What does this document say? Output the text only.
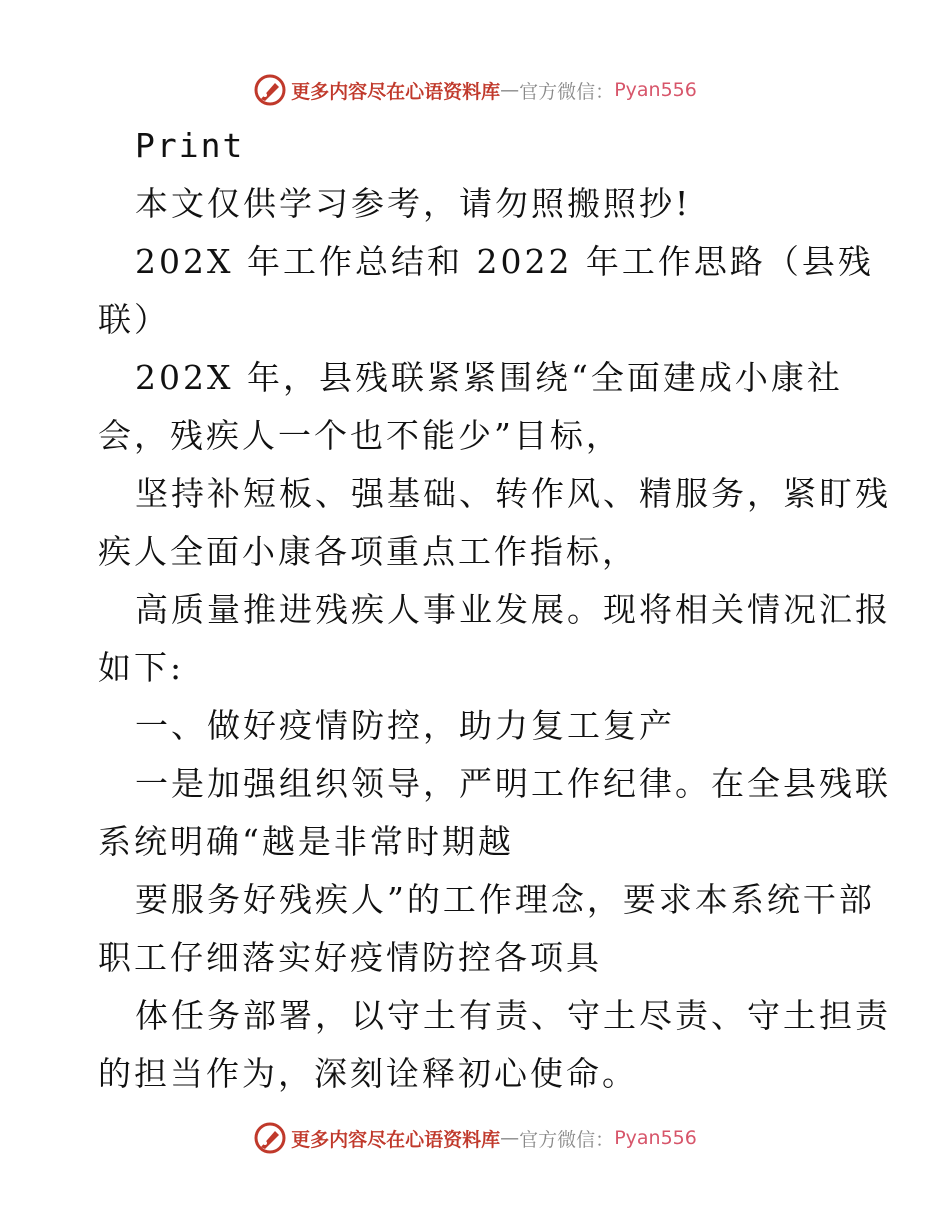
更多内容尽在心语资料库 — 官方微信： Pyan556

Print

本文仅供学习参考，请勿照搬照抄!

202X 年工作总结和 2022 年工作思路（县残

联）

202X 年，县残联紧紧围绕“全面建成小康社

会，残疾人一个也不能少”目标，

坚持补短板、强基础、转作风、精服务，紧盯残

疾人全面小康各项重点工作指标，

高质量推进残疾人事业发展。现将相关情况汇报

如下:

一、做好疫情防控，助力复工复产

一是加强组织领导，严明工作纪律。在全县残联

系统明确“越是非常时期越

要服务好残疾人”的工作理念，要求本系统干部

职工仔细落实好疫情防控各项具

体任务部署，以守土有责、守土尽责、守土担责

的担当作为，深刻诠释初心使命。

更多内容尽在心语资料库 — 官方微信： Pyan556
